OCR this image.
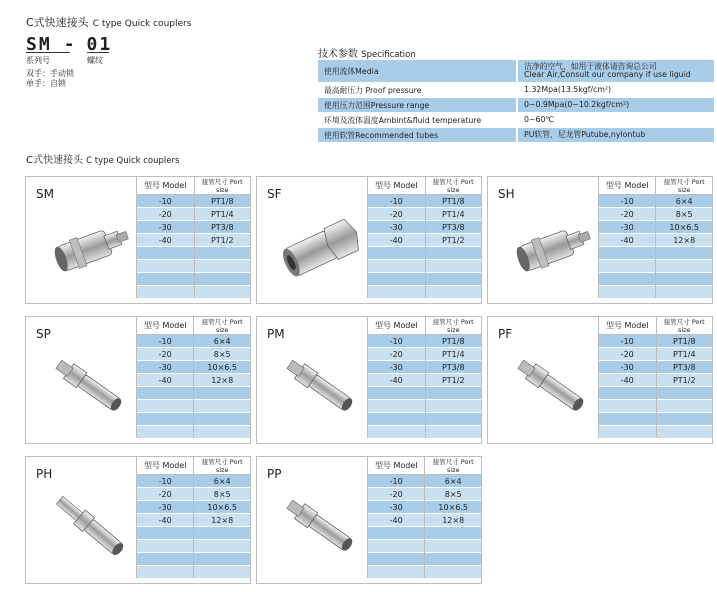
C式快速接头 C type Quick couplers
SM - 01
系列号	螺纹
双手：手动锁
单手：自锁
技术参数 Specification
使用流体Media	洁净的空气，如用于液体请咨询总公司
Clear Air,Consult our company if use liguid

最高耐压力 Proof pressure	1.32Mpa(13.5kgf/cm²)
使用压力范围Pressure range	0~0.9Mpa(0~10.2kgf/cm²)
环境及流体温度Ambint&fluid temperature	0~60℃
使用软管Recommended tubes	PU软管，尼龙管Putube,nylontub
C式快速接头 C type Quick couplers
SM
型号 Model	接管尺寸 Port size
-10	PT1/8
-20	PT1/4
-30	PT3/8
-40	PT1/2

SF
型号 Model	接管尺寸 Port size
-10	PT1/8
-20	PT1/4
-30	PT3/8
-40	PT1/2

SH
型号 Model	接管尺寸 Port size
-10	6×4
-20	8×5
-30	10×6.5
-40	12×8

SP
型号 Model	接管尺寸 Port size
-10	6×4
-20	8×5
-30	10×6.5
-40	12×8

PM
型号 Model	接管尺寸 Port size
-10	PT1/8
-20	PT1/4
-30	PT3/8
-40	PT1/2

PF
型号 Model	接管尺寸 Port size
-10	PT1/8
-20	PT1/4
-30	PT3/8
-40	PT1/2

PH
型号 Model	接管尺寸 Port size
-10	6×4
-20	8×5
-30	10×6.5
-40	12×8

PP
型号 Model	接管尺寸 Port size
-10	6×4
-20	8×5
-30	10×6.5
-40	12×8
